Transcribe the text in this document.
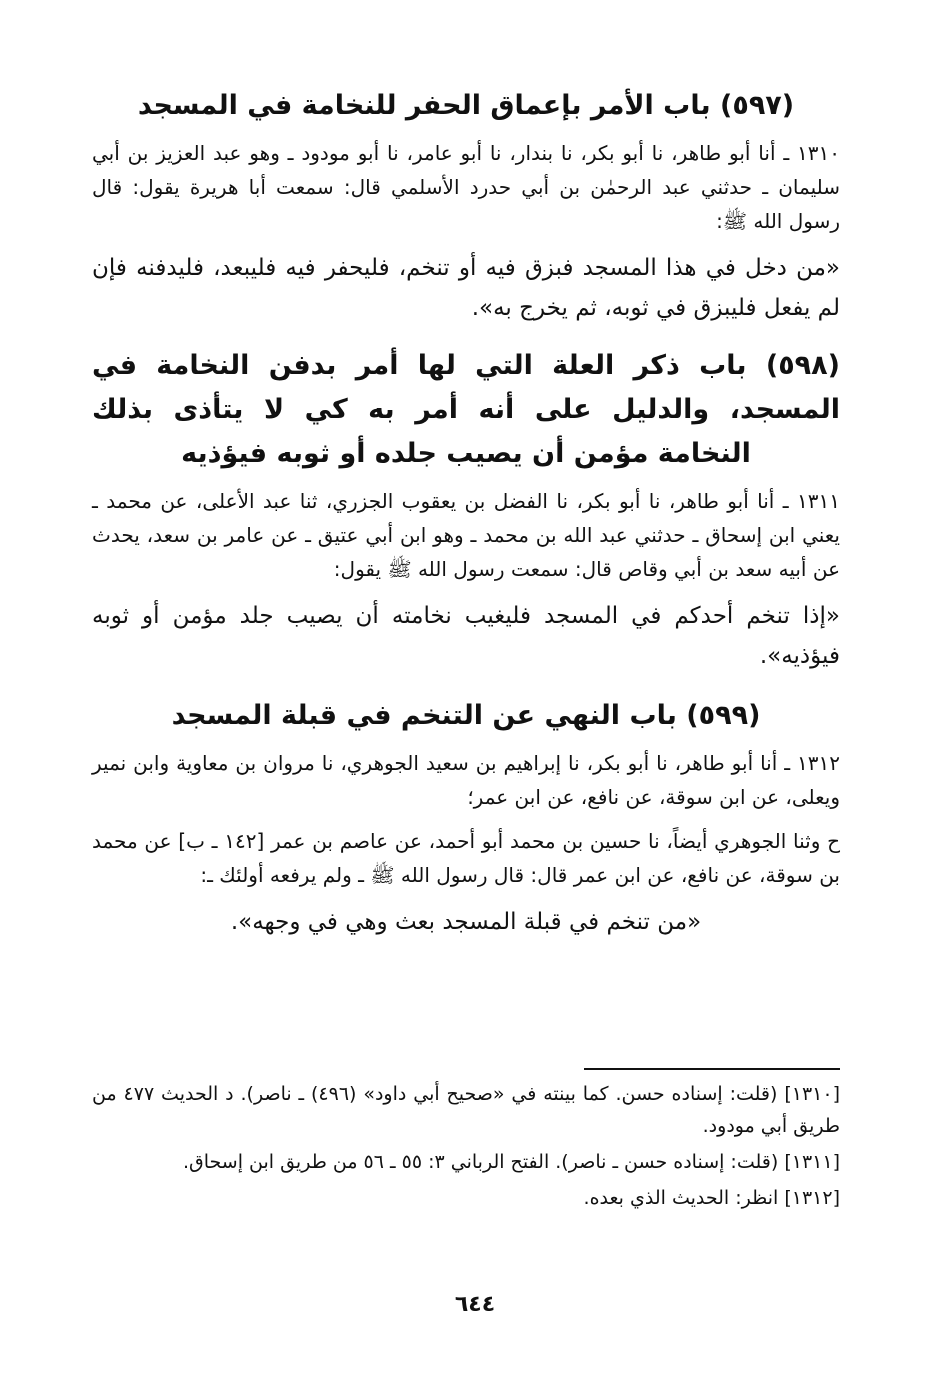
(٥٩٧) باب الأمر بإعماق الحفر للنخامة في المسجد

١٣١٠ ـ أنا أبو طاهر، نا أبو بكر، نا بندار، نا أبو عامر، نا أبو مودود ـ وهو عبد العزيز بن أبي سليمان ـ حدثني عبد الرحمٰن بن أبي حدرد الأسلمي قال: سمعت أبا هريرة يقول: قال رسول الله ﷺ:

«من دخل في هذا المسجد فبزق فيه أو تنخم، فليحفر فيه فليبعد، فليدفنه فإن لم يفعل فليبزق في ثوبه، ثم يخرج به».

(٥٩٨) باب ذكر العلة التي لها أمر بدفن النخامة في المسجد، والدليل على أنه أمر به كي لا يتأذى بذلك النخامة مؤمن أن يصيب جلده أو ثوبه فيؤذيه

١٣١١ ـ أنا أبو طاهر، نا أبو بكر، نا الفضل بن يعقوب الجزري، ثنا عبد الأعلى، عن محمد ـ يعني ابن إسحاق ـ حدثني عبد الله بن محمد ـ وهو ابن أبي عتيق ـ عن عامر بن سعد، يحدث عن أبيه سعد بن أبي وقاص قال: سمعت رسول الله ﷺ يقول:

«إذا تنخم أحدكم في المسجد فليغيب نخامته أن يصيب جلد مؤمن أو ثوبه فيؤذيه».

(٥٩٩) باب النهي عن التنخم في قبلة المسجد

١٣١٢ ـ أنا أبو طاهر، نا أبو بكر، نا إبراهيم بن سعيد الجوهري، نا مروان بن معاوية وابن نمير ويعلى، عن ابن سوقة، عن نافع، عن ابن عمر؛

ح وثنا الجوهري أيضاً، نا حسين بن محمد أبو أحمد، عن عاصم بن عمر [١٤٢ ـ ب] عن محمد بن سوقة، عن نافع، عن ابن عمر قال: قال رسول الله ﷺ ـ ولم يرفعه أولئك ـ:

«من تنخم في قبلة المسجد بعث وهي في وجهه».

[١٣١٠] (قلت: إسناده حسن. كما بينته في «صحيح أبي داود» (٤٩٦) ـ ناصر). د الحديث ٤٧٧ من طريق أبي مودود.

[١٣١١] (قلت: إسناده حسن ـ ناصر). الفتح الرباني ٣: ٥٥ ـ ٥٦ من طريق ابن إسحاق.

[١٣١٢] انظر: الحديث الذي بعده.

٦٤٤
